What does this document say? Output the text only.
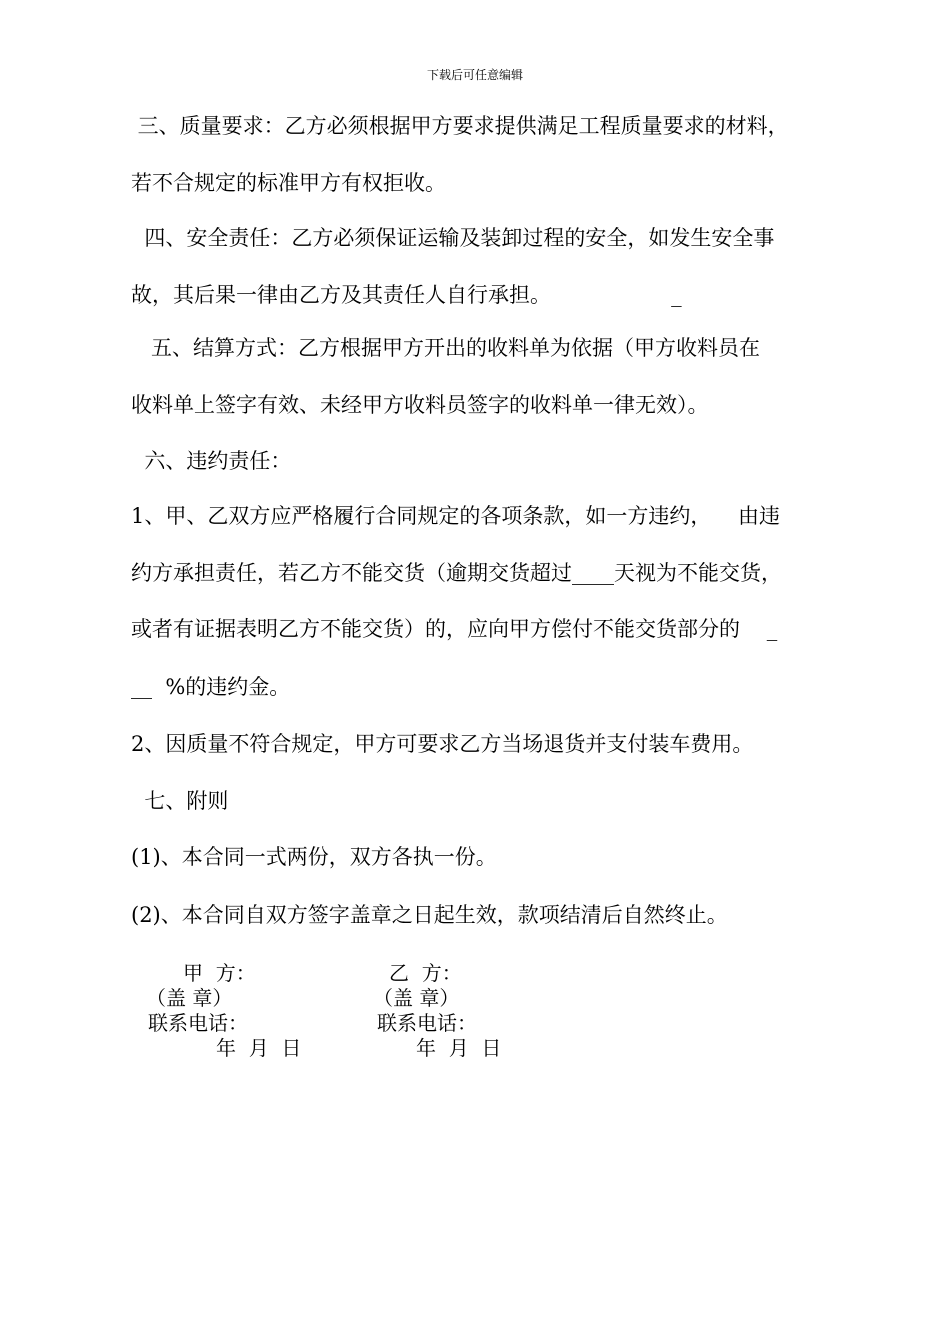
下载后可任意编辑
三、质量要求：乙方必须根据甲方要求提供满足工程质量要求的材料，
若不合规定的标准甲方有权拒收。
四、安全责任：乙方必须保证运输及装卸过程的安全，如发生安全事
故，其后果一律由乙方及其责任人自行承担。                  _
五、结算方式：乙方根据甲方开出的收料单为依据（甲方收料员在
收料单上签字有效、未经甲方收料员签字的收料单一律无效）。
六、违约责任：
1、甲、乙双方应严格履行合同规定的各项条款，如一方违约，    由违
约方承担责任，若乙方不能交货（逾期交货超过____天视为不能交货，
或者有证据表明乙方不能交货）的，应向甲方偿付不能交货部分的    _
__  %的违约金。
2、因质量不符合规定，甲方可要求乙方当场退货并支付装车费用。
七、附则
(1)、本合同一式两份，双方各执一份。
(2)、本合同自双方签字盖章之日起生效，款项结清后自然终止。
甲  方：
（盖 章）
联系电话：
年  月  日
乙  方：
（盖 章）
联系电话：
年  月  日
